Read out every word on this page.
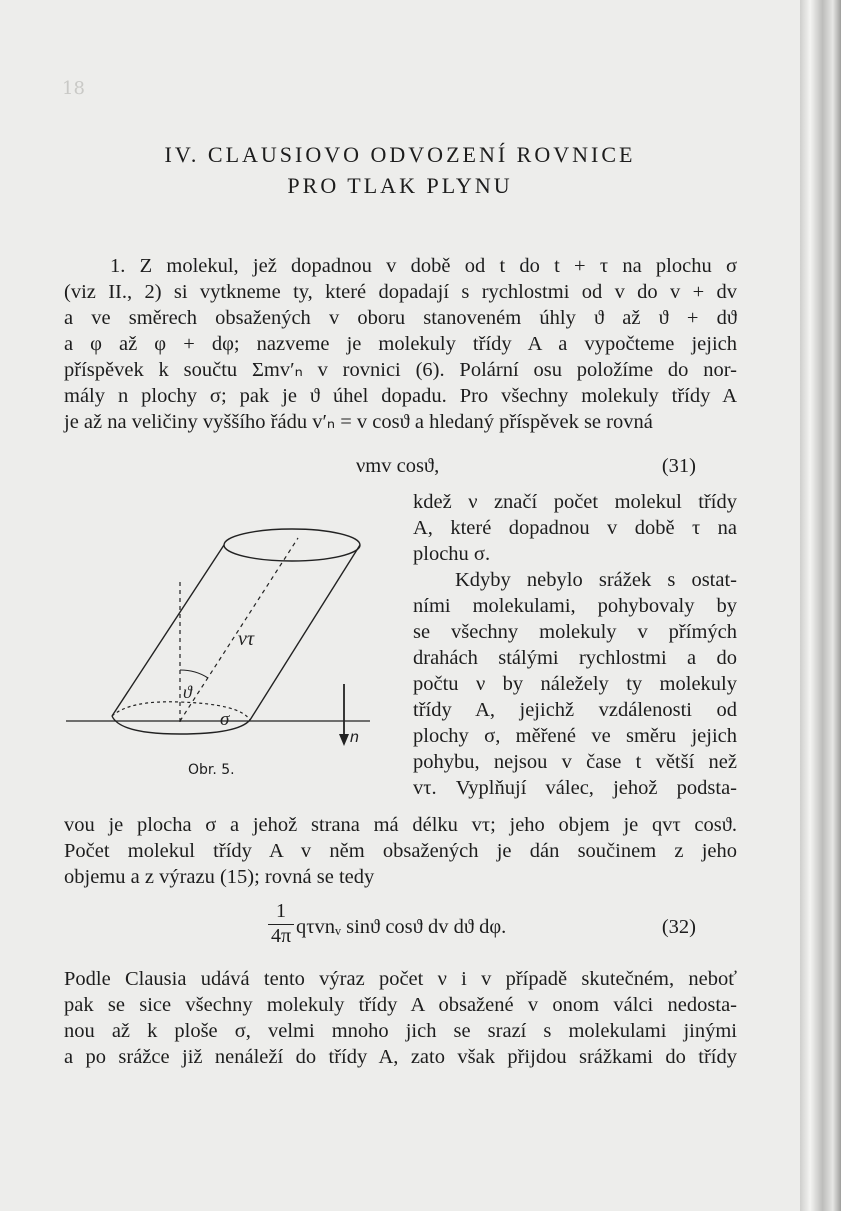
18
IV. CLAUSIOVO ODVOZENÍ ROVNICE
PRO TLAK PLYNU
1. Z molekul, jež dopadnou v době od t do t + τ na plochu σ
(viz II., 2) si vytkneme ty, které dopadají s rychlostmi od v do v + dv
a ve směrech obsažených v oboru stanoveném úhly ϑ až ϑ + dϑ
a φ až φ + dφ; nazveme je molekuly třídy A a vypočteme jejich
příspěvek k součtu Σmv′ₙ v rovnici (6). Polární osu položíme do nor-
mály n plochy σ; pak je ϑ úhel dopadu. Pro všechny molekuly třídy A
je až na veličiny vyššího řádu v′ₙ = v cosϑ a hledaný příspěvek se rovná
νmv cosϑ,	(31)
kdež ν značí počet molekul třídy
A, které dopadnou v době τ na
plochu σ.
Kdyby nebylo srážek s ostat-
ními molekulami, pohybovaly by
se všechny molekuly v přímých
drahách stálými rychlostmi a do
počtu ν by náležely ty molekuly
třídy A, jejichž vzdálenosti od
plochy σ, měřené ve směru jejich
pohybu, nejsou v čase t větší než
vτ. Vyplňují válec, jehož podsta-
vτ
ϑ
σ
n
Obr. 5.
vou je plocha σ a jehož strana má délku vτ; jeho objem je qvτ cosϑ.
Počet molekul třídy A v něm obsažených je dán součinem z jeho
objemu a z výrazu (15); rovná se tedy
$\frac{1}{4\pi}$ qτvnᵥ sinϑ cosϑ dv dϑ dφ.	(32)
Podle Clausia udává tento výraz počet ν i v případě skutečném, neboť
pak se sice všechny molekuly třídy A obsažené v onom válci nedosta-
nou až k ploše σ, velmi mnoho jich se srazí s molekulami jinými
a po srážce již nenáleží do třídy A, zato však přijdou srážkami do třídy
